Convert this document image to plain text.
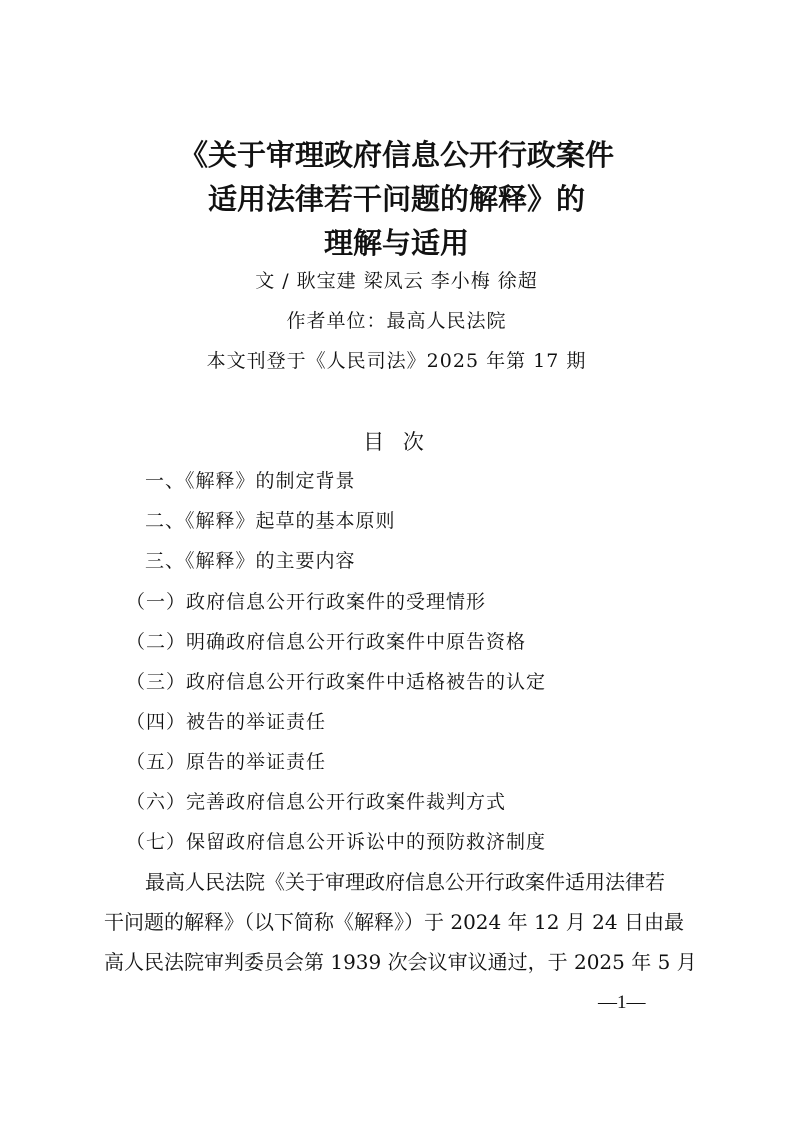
《关于审理政府信息公开行政案件
适用法律若干问题的解释》的
理解与适用
文 / 耿宝建 梁凤云 李小梅 徐超
作者单位：最高人民法院
本文刊登于《人民司法》2025 年第 17 期
目 次
一、《解释》的制定背景
二、《解释》起草的基本原则
三、《解释》的主要内容
（一）政府信息公开行政案件的受理情形
（二）明确政府信息公开行政案件中原告资格
（三）政府信息公开行政案件中适格被告的认定
（四）被告的举证责任
（五）原告的举证责任
（六）完善政府信息公开行政案件裁判方式
（七）保留政府信息公开诉讼中的预防救济制度
最高人民法院《关于审理政府信息公开行政案件适用法律若
干问题的解释》（以下简称《解释》）于 2024 年 12 月 24 日由最
高人民法院审判委员会第 1939 次会议审议通过，于 2025 年 5 月
—1—
